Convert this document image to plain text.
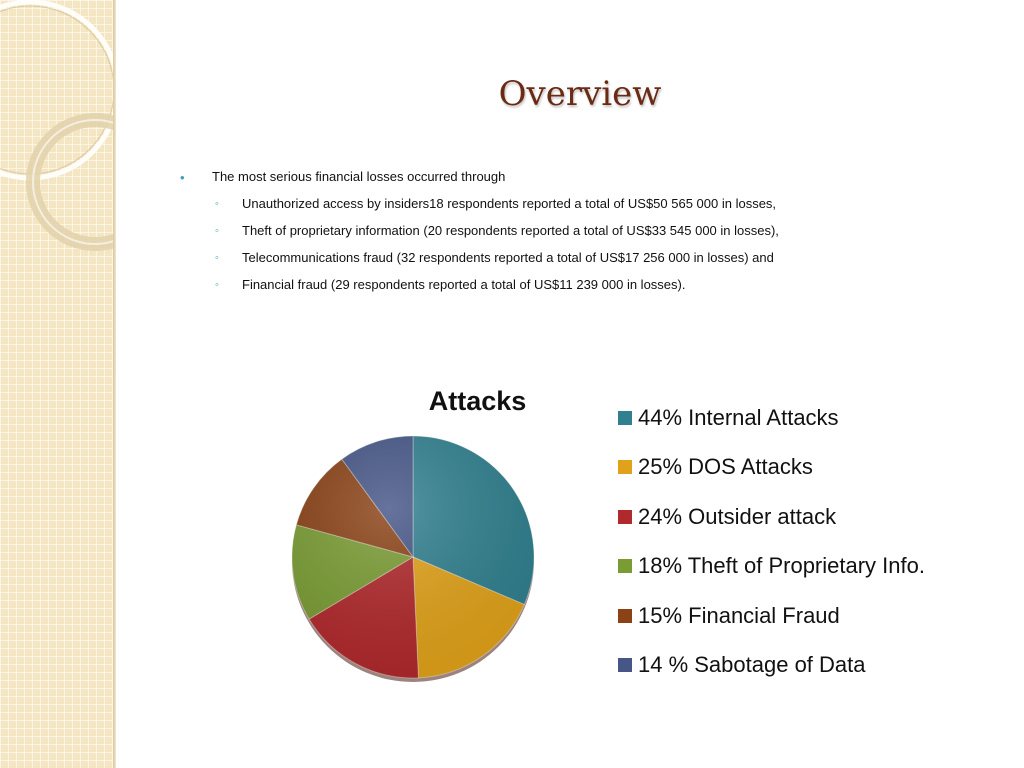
Overview
• The most serious financial losses occurred through
◦ Unauthorized access by insiders18 respondents reported a total of US$50 565 000 in losses,
◦ Theft of proprietary information (20 respondents reported a total of US$33 545 000 in losses),
◦ Telecommunications fraud (32 respondents reported a total of US$17 256 000 in losses) and
◦ Financial fraud (29 respondents reported a total of US$11 239 000 in losses).
Attacks
44% Internal Attacks
25% DOS Attacks
24% Outsider attack
18% Theft of Proprietary Info.
15% Financial Fraud
14 % Sabotage of Data
